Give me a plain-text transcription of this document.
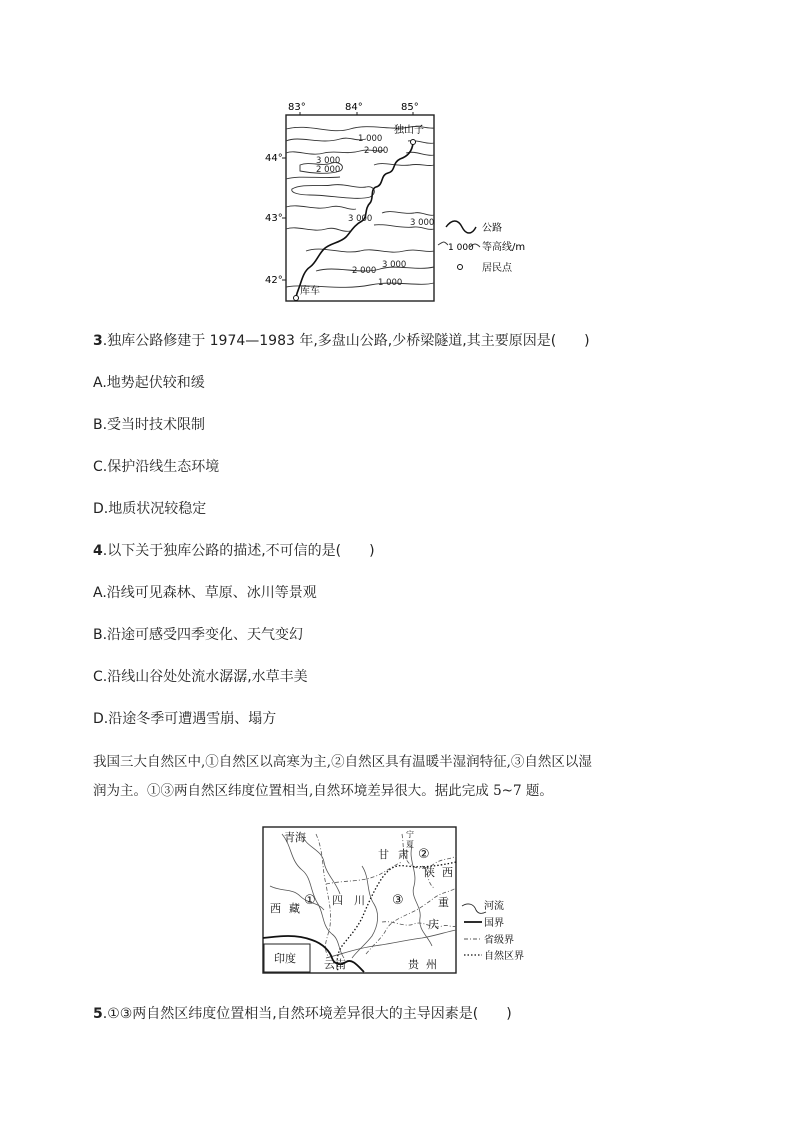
83°	84°	85°
44°
43°
42°
1 000
2 000
3 000
2 000
3 000	3 000
3 000
2 000
1 000
独山子
库车
公路
1 000 等高线/m
居民点
3.独库公路修建于 1974—1983 年,多盘山公路,少桥梁隧道,其主要原因是(　　)
A.地势起伏较和缓
B.受当时技术限制
C.保护沿线生态环境
D.地质状况较稳定
4.以下关于独库公路的描述,不可信的是(　　)
A.沿线可见森林、草原、冰川等景观
B.沿途可感受四季变化、天气变幻
C.沿线山谷处处流水潺潺,水草丰美
D.沿途冬季可遭遇雪崩、塌方
我国三大自然区中,①自然区以高寒为主,②自然区具有温暖半湿润特征,③自然区以湿
润为主。①③两自然区纬度位置相当,自然环境差异很大。据此完成 5~7 题。
青海
甘 肃
宁
夏
陕 西
西 藏
四 川	重
庆
印度	云南	贵 州
①
②
③	河流
国界
省级界
自然区界
5.①③两自然区纬度位置相当,自然环境差异很大的主导因素是(　　)
